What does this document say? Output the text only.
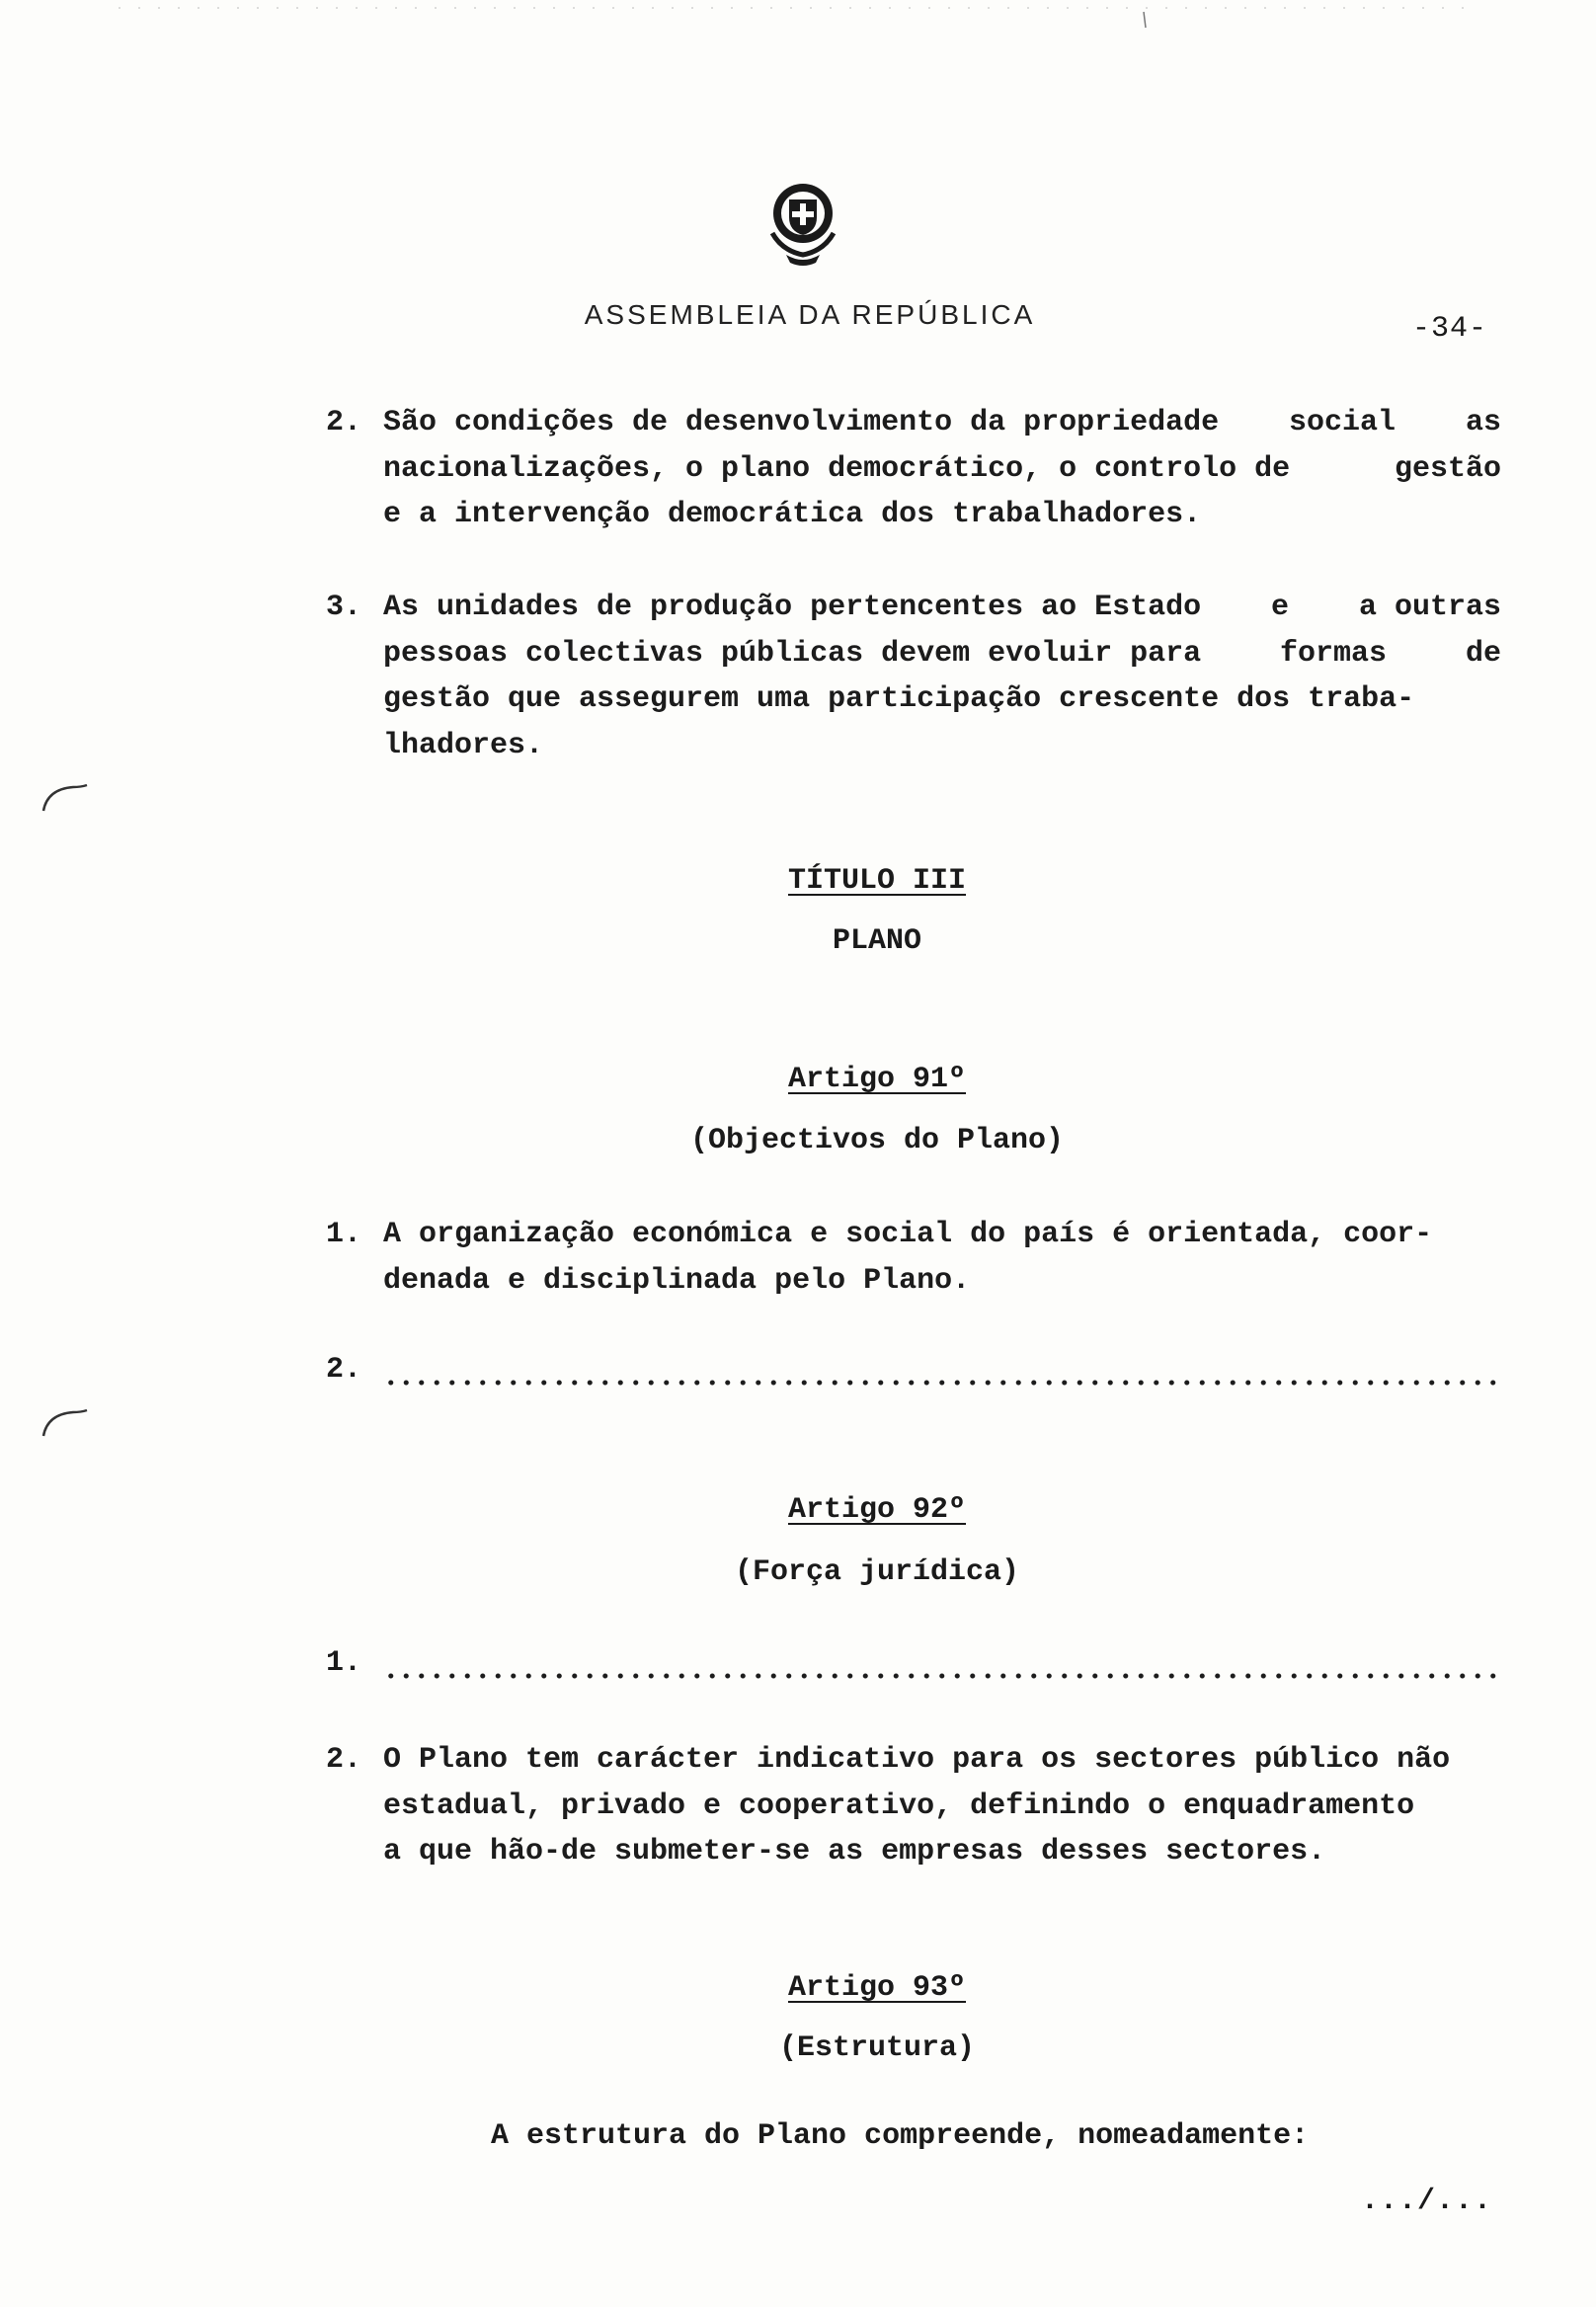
ASSEMBLEIA DA REPÚBLICA	-34-
2. São condições de desenvolvimento da propriedade social as
nacionalizações, o plano democrático, o controlo de	gestão
e a intervenção democrática dos trabalhadores.
3. As unidades de produção pertencentes ao Estado e a outras
pessoas colectivas públicas devem evoluir para	formas	de
gestão que assegurem uma participação crescente dos traba-
lhadores.
TÍTULO III
PLANO
Artigo 91º
(Objectivos do Plano)
1. A organização económica e social do país é orientada, coor-
denada e disciplinada pelo Plano.
2.
Artigo 92º
(Força jurídica)
1.
2. O Plano tem carácter indicativo para os sectores público não
estadual, privado e cooperativo, definindo o enquadramento
a que hão-de submeter-se as empresas desses sectores.
Artigo 93º
(Estrutura)
A estrutura do Plano compreende, nomeadamente:
.../...
